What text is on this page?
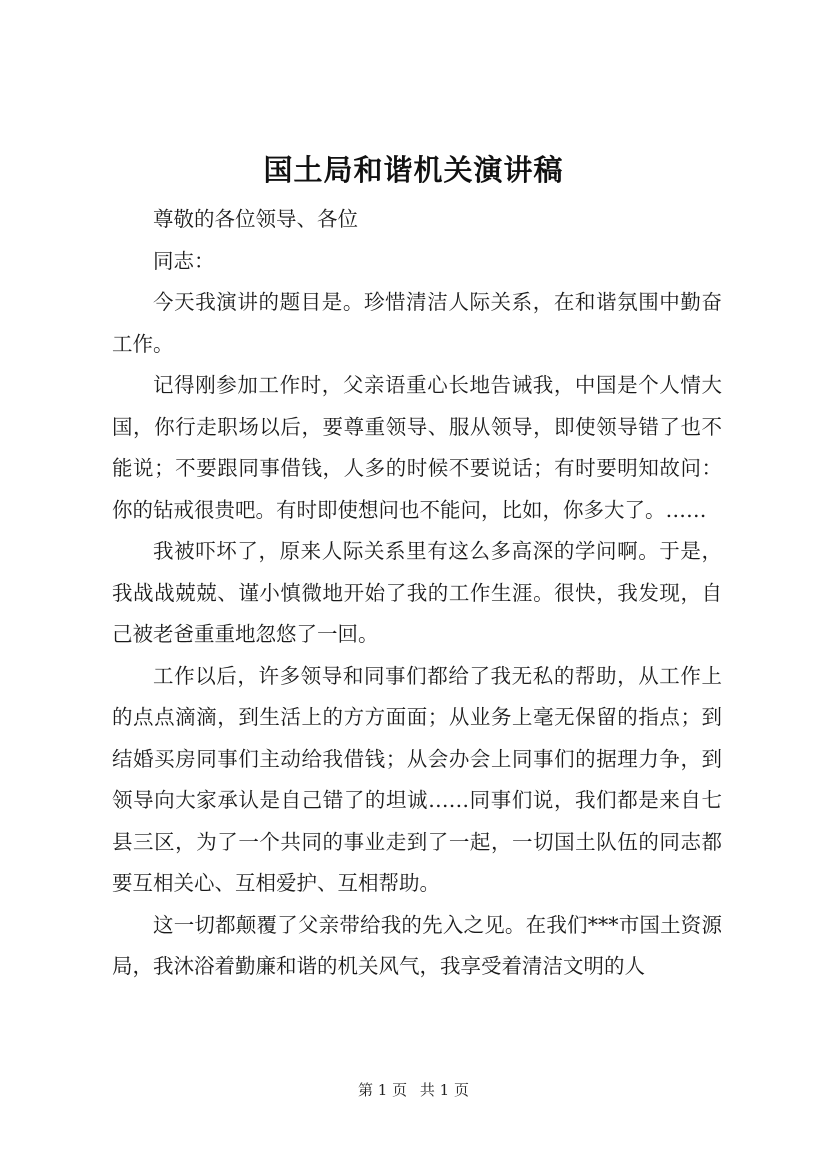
国土局和谐机关演讲稿

尊敬的各位领导、各位

同志：

今天我演讲的题目是。珍惜清洁人际关系，在和谐氛围中勤奋工作。

记得刚参加工作时，父亲语重心长地告诫我，中国是个人情大国，你行走职场以后，要尊重领导、服从领导，即使领导错了也不能说；不要跟同事借钱，人多的时候不要说话；有时要明知故问：你的钻戒很贵吧。有时即使想问也不能问，比如，你多大了。……

我被吓坏了，原来人际关系里有这么多高深的学问啊。于是，我战战兢兢、谨小慎微地开始了我的工作生涯。很快，我发现，自己被老爸重重地忽悠了一回。

工作以后，许多领导和同事们都给了我无私的帮助，从工作上的点点滴滴，到生活上的方方面面；从业务上毫无保留的指点；到结婚买房同事们主动给我借钱；从会办会上同事们的据理力争，到领导向大家承认是自己错了的坦诚……同事们说，我们都是来自七县三区，为了一个共同的事业走到了一起，一切国土队伍的同志都要互相关心、互相爱护、互相帮助。

这一切都颠覆了父亲带给我的先入之见。在我们***市国土资源局，我沐浴着勤廉和谐的机关风气，我享受着清洁文明的人

第 1 页 共 1 页
